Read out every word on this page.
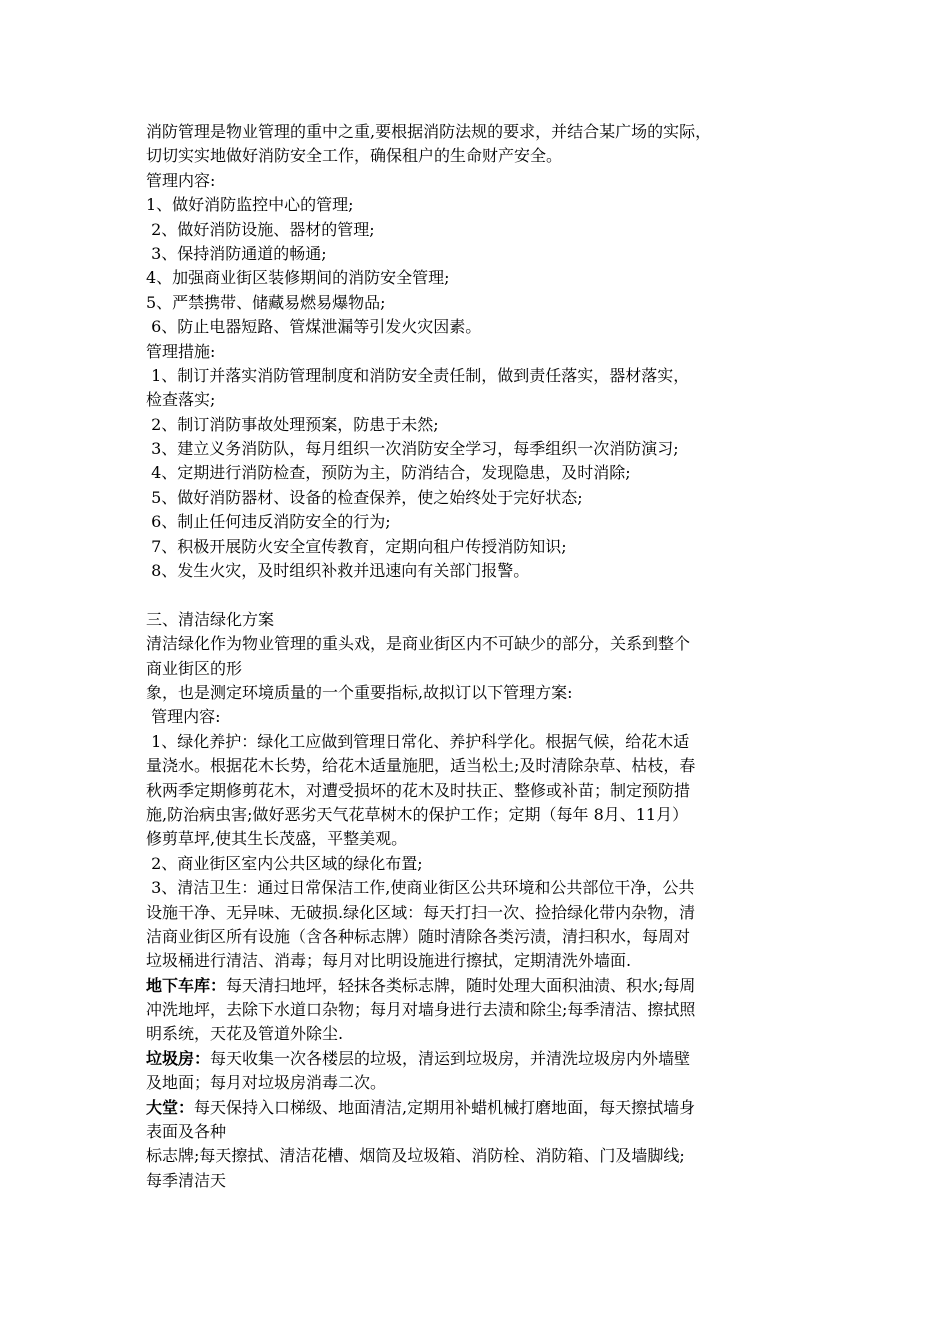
消防管理是物业管理的重中之重,要根据消防法规的要求，并结合某广场的实际，

切切实实地做好消防安全工作，确保租户的生命财产安全。

管理内容:

1、做好消防监控中心的管理;

2、做好消防设施、器材的管理;

3、保持消防通道的畅通;

4、加强商业街区装修期间的消防安全管理;

5、严禁携带、储藏易燃易爆物品;

6、防止电器短路、管煤泄漏等引发火灾因素。

管理措施:

1、制订并落实消防管理制度和消防安全责任制，做到责任落实，器材落实，

检查落实;

2、制订消防事故处理预案，防患于未然;

3、建立义务消防队，每月组织一次消防安全学习，每季组织一次消防演习;

4、定期进行消防检查，预防为主，防消结合，发现隐患，及时消除;

5、做好消防器材、设备的检查保养，使之始终处于完好状态;

6、制止任何违反消防安全的行为;

7、积极开展防火安全宣传教育，定期向租户传授消防知识;

8、发生火灾，及时组织补救并迅速向有关部门报警。

三、清洁绿化方案

清洁绿化作为物业管理的重头戏，是商业街区内不可缺少的部分，关系到整个

商业街区的形

象，也是测定环境质量的一个重要指标,故拟订以下管理方案:

管理内容:

1、绿化养护：绿化工应做到管理日常化、养护科学化。根据气候，给花木适

量浇水。根据花木长势，给花木适量施肥，适当松土;及时清除杂草、枯枝，春

秋两季定期修剪花木，对遭受损坏的花木及时扶正、整修或补苗；制定预防措

施,防治病虫害;做好恶劣天气花草树木的保护工作；定期（每年 8月、11月）

修剪草坪,使其生长茂盛，平整美观。

2、商业街区室内公共区域的绿化布置;

3、清洁卫生：通过日常保洁工作,使商业街区公共环境和公共部位干净，公共

设施干净、无异味、无破损.绿化区域：每天打扫一次、捡拾绿化带内杂物，清

洁商业街区所有设施（含各种标志牌）随时清除各类污渍，清扫积水，每周对

垃圾桶进行清洁、消毒；每月对比明设施进行擦拭，定期清洗外墙面.

地下车库：每天清扫地坪，轻抹各类标志牌，随时处理大面积油渍、积水;每周

冲洗地坪，去除下水道口杂物；每月对墙身进行去渍和除尘;每季清洁、擦拭照

明系统，天花及管道外除尘.

垃圾房：每天收集一次各楼层的垃圾，清运到垃圾房，并清洗垃圾房内外墙壁

及地面；每月对垃圾房消毒二次。

大堂：每天保持入口梯级、地面清洁,定期用补蜡机械打磨地面，每天擦拭墙身

表面及各种

标志牌;每天擦拭、清洁花槽、烟筒及垃圾箱、消防栓、消防箱、门及墙脚线;

每季清洁天
